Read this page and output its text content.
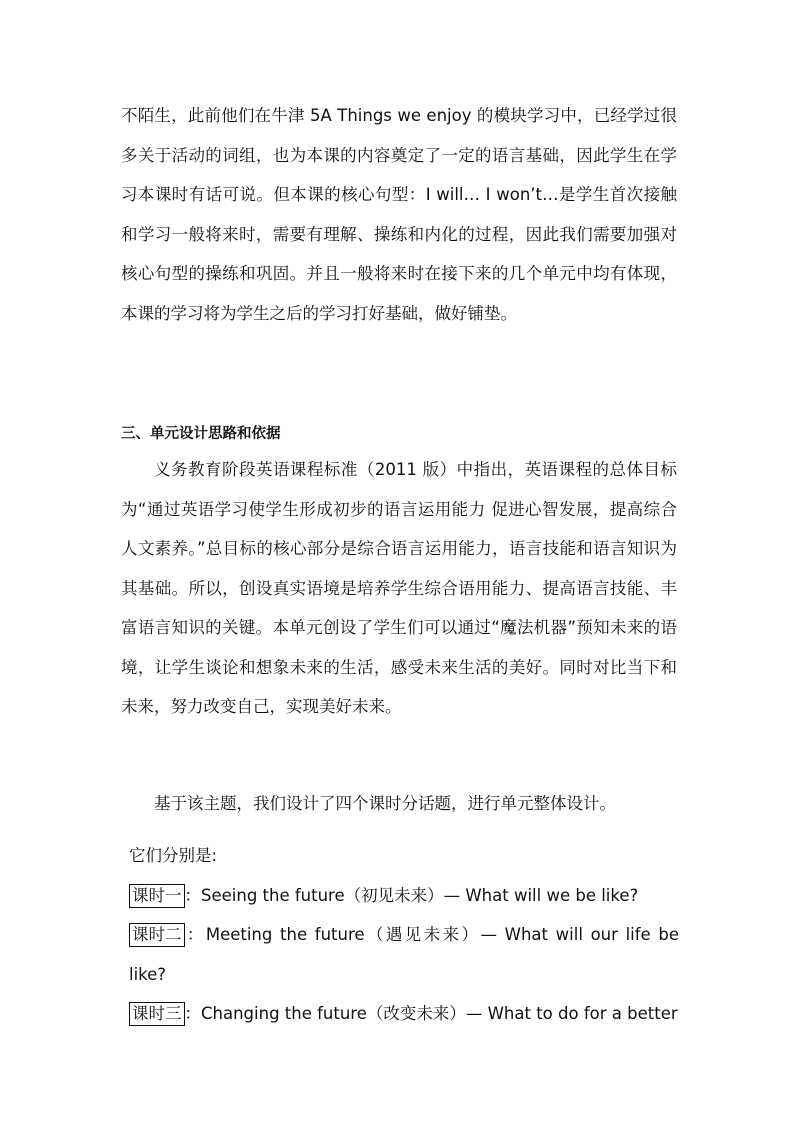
不陌生，此前他们在牛津 5A Things we enjoy 的模块学习中，已经学过很多关于活动的词组，也为本课的内容奠定了一定的语言基础，因此学生在学习本课时有话可说。但本课的核心句型：I will… I won’t…是学生首次接触和学习一般将来时，需要有理解、操练和内化的过程，因此我们需要加强对核心句型的操练和巩固。并且一般将来时在接下来的几个单元中均有体现，本课的学习将为学生之后的学习打好基础，做好铺垫。

三、单元设计思路和依据

义务教育阶段英语课程标准（2011 版）中指出，英语课程的总体目标为“通过英语学习使学生形成初步的语言运用能力 促进心智发展，提高综合人文素养。”总目标的核心部分是综合语言运用能力，语言技能和语言知识为其基础。所以，创设真实语境是培养学生综合语用能力、提高语言技能、丰富语言知识的关键。本单元创设了学生们可以通过“魔法机器”预知未来的语境，让学生谈论和想象未来的生活，感受未来生活的美好。同时对比当下和未来，努力改变自己，实现美好未来。

基于该主题，我们设计了四个课时分话题，进行单元整体设计。

它们分别是:

课时一 ：Seeing the future（初见未来）— What will we be like?

课时二 ：Meeting the future（遇见未来）— What will our life be like?

课时三 ：Changing the future（改变未来）— What to do for a better
